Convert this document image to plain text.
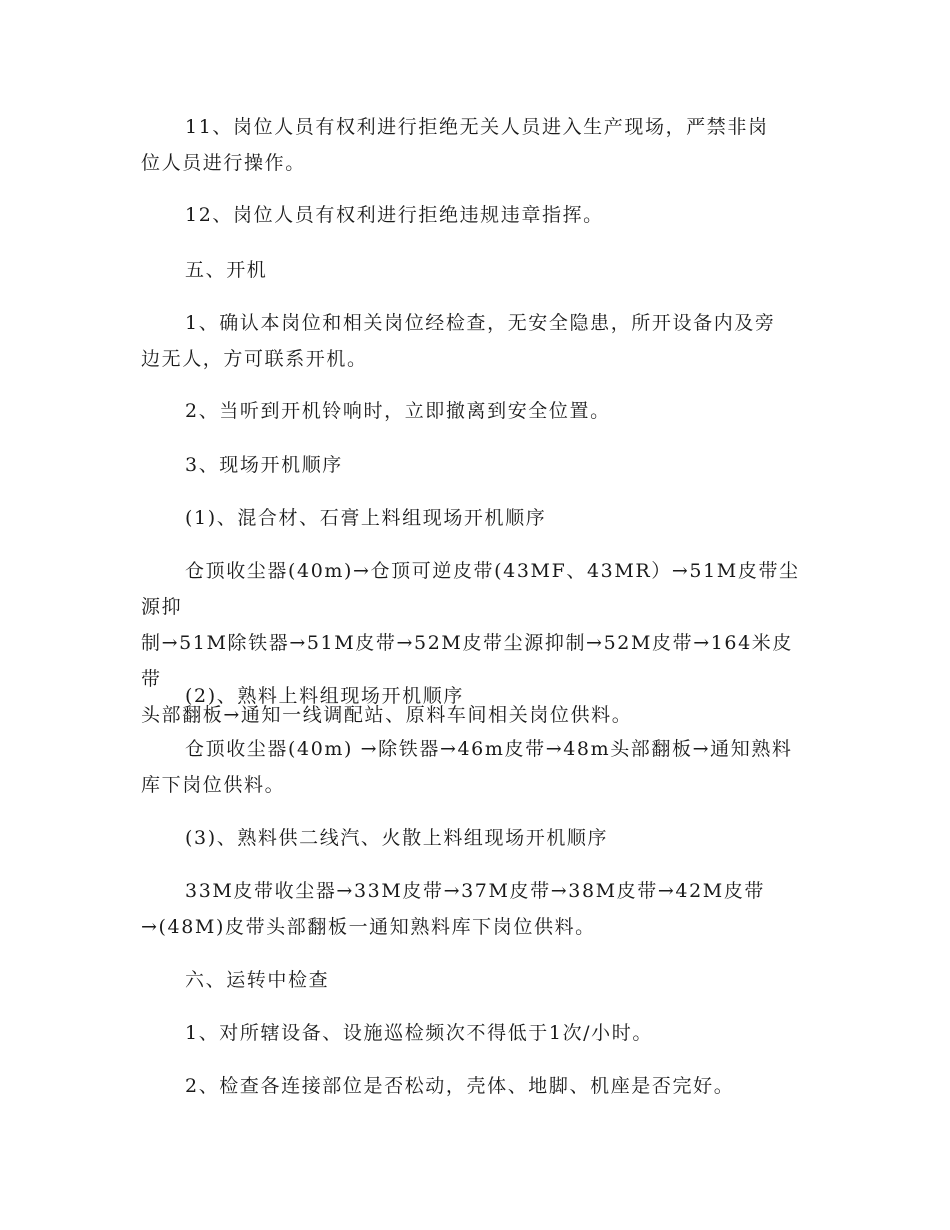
11、岗位人员有权利进行拒绝无关人员进入生产现场，严禁非岗
位人员进行操作。
12、岗位人员有权利进行拒绝违规违章指挥。
五、开机
1、确认本岗位和相关岗位经检查，无安全隐患，所开设备内及旁
边无人，方可联系开机。
2、当听到开机铃响时，立即撤离到安全位置。
3、现场开机顺序
(1)、混合材、石膏上料组现场开机顺序
仓顶收尘器(40m)→仓顶可逆皮带(43MF、43MR）→51M皮带尘源抑
制→51M除铁器→51M皮带→52M皮带尘源抑制→52M皮带→164米皮带
头部翻板→通知一线调配站、原料车间相关岗位供料。
(2)、熟料上料组现场开机顺序
仓顶收尘器(40m) →除铁器→46m皮带→48m头部翻板→通知熟料
库下岗位供料。
(3)、熟料供二线汽、火散上料组现场开机顺序
33M皮带收尘器→33M皮带→37M皮带→38M皮带→42M皮带
→(48M)皮带头部翻板一通知熟料库下岗位供料。
六、运转中检查
1、对所辖设备、设施巡检频次不得低于1次/小时。
2、检查各连接部位是否松动，壳体、地脚、机座是否完好。
